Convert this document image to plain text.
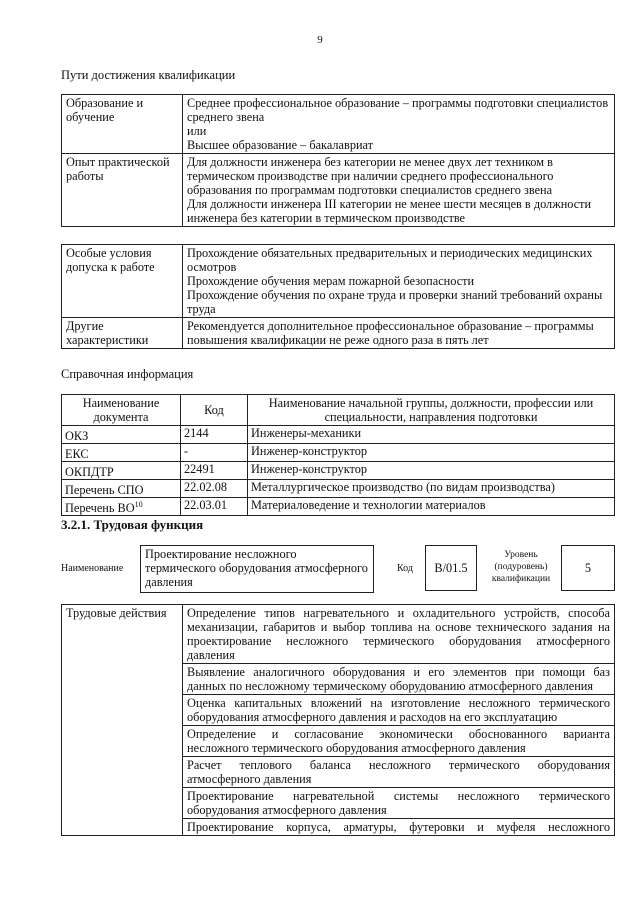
9
Пути достижения квалификации
Образование и обучение	Среднее профессиональное образование – программы подготовки специалистов среднего звена
или
Высшее образование – бакалавриат

Опыт практической работы	Для должности инженера без категории не менее двух лет техником в термическом производстве при наличии среднего профессионального образования по программам подготовки специалистов среднего звена
Для должности инженера III категории не менее шести месяцев в должности инженера без категории в термическом производстве
Особые условия допуска к работе	Прохождение обязательных предварительных и периодических медицинских осмотров
Прохождение обучения мерам пожарной безопасности
Прохождение обучения по охране труда и проверки знаний требований охраны труда

Другие характеристики	Рекомендуется дополнительное профессиональное образование – программы повышения квалификации не реже одного раза в пять лет
Справочная информация
Наименование документа	Код	Наименование начальной группы, должности, профессии или специальности, направления подготовки
ОКЗ	2144	Инженеры-механики
ЕКС	-	Инженер-конструктор
ОКПДТР	22491	Инженер-конструктор
Перечень СПО	22.02.08	Металлургическое производство (по видам производства)
Перечень ВО$^{10}$	22.03.01	Материаловедение и технологии материалов
3.2.1. Трудовая функция
Наименование
Проектирование несложного термического оборудования атмосферного давления
Код	B/01.5
Уровень (подуровень) квалификации
5
Трудовые действия	Определение типов нагревательного и охладительного устройств, способа механизации, габаритов и выбор топлива на основе технического задания на проектирование несложного термического оборудования атмосферного давления
Выявление аналогичного оборудования и его элементов при помощи баз данных по несложному термическому оборудованию атмосферного давления
Оценка капитальных вложений на изготовление несложного термического оборудования атмосферного давления и расходов на его эксплуатацию
Определение и согласование экономически обоснованного варианта несложного термического оборудования атмосферного давления
Расчет теплового баланса несложного термического оборудования атмосферного давления
Проектирование нагревательной системы несложного термического оборудования атмосферного давления
Проектирование корпуса, арматуры, футеровки и муфеля несложного
